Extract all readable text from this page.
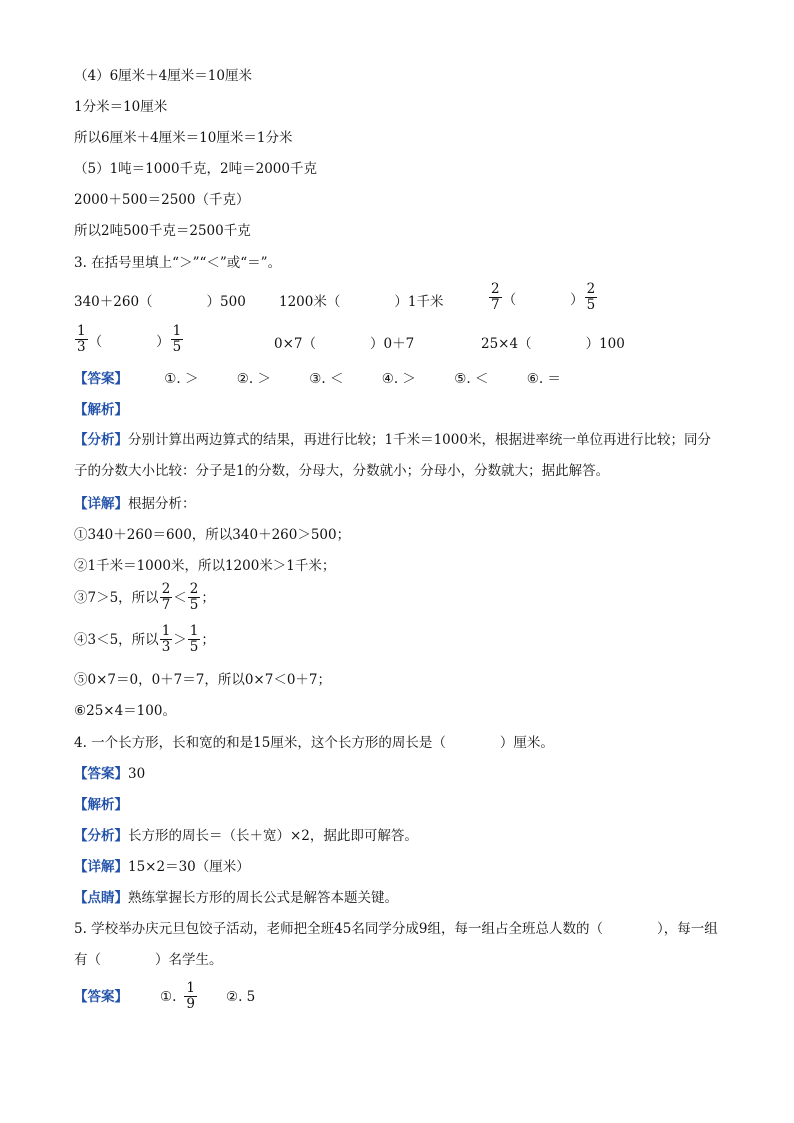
（4）6厘米＋4厘米＝10厘米
1分米＝10厘米
所以6厘米＋4厘米＝10厘米＝1分米
（5）1吨＝1000千克，2吨＝2000千克
2000＋500＝2500（千克）
所以2吨500千克＝2500千克
3. 在括号里填上“＞”“＜”或“＝”。
340＋260（　　　　）500 1200米（　　　　）1千米	$\frac{2}{7}$ （　　　　） $\frac{2}{5}$
$\frac{1}{3}$ （　　　　） $\frac{1}{5}$	0×7（　　　　）0＋7	25×4（　　　　）100
【答案】	①. ＞	②. ＞	③. ＜	④. ＞	⑤. ＜	⑥. ＝
【解析】
【分析】分别计算出两边算式的结果，再进行比较；1千米＝1000米，根据进率统一单位再进行比较；同分子的分数大小比较：分子是1的分数，分母大，分数就小；分母小，分数就大；据此解答。
【详解】根据分析：
①340＋260＝600，所以340＋260＞500；
②1千米＝1000米，所以1200米＞1千米；
③7＞5，所以 $\frac{2}{7} < \frac{2}{5}$ ；
④3＜5，所以 $\frac{1}{3} > \frac{1}{5}$ ；
⑤0×7＝0，0＋7＝7，所以0×7＜0＋7；
⑥25×4＝100。
4. 一个长方形，长和宽的和是15厘米，这个长方形的周长是（　　　　）厘米。
【答案】30
【解析】
【分析】长方形的周长＝（长＋宽）×2，据此即可解答。
【详解】15×2＝30（厘米）
【点睛】熟练掌握长方形的周长公式是解答本题关键。
5. 学校举办庆元旦包饺子活动，老师把全班45名同学分成9组，每一组占全班总人数的（　　　　），每一组有（　　　　）名学生。
【答案】 ①. $\frac{1}{9}$ ②. 5
